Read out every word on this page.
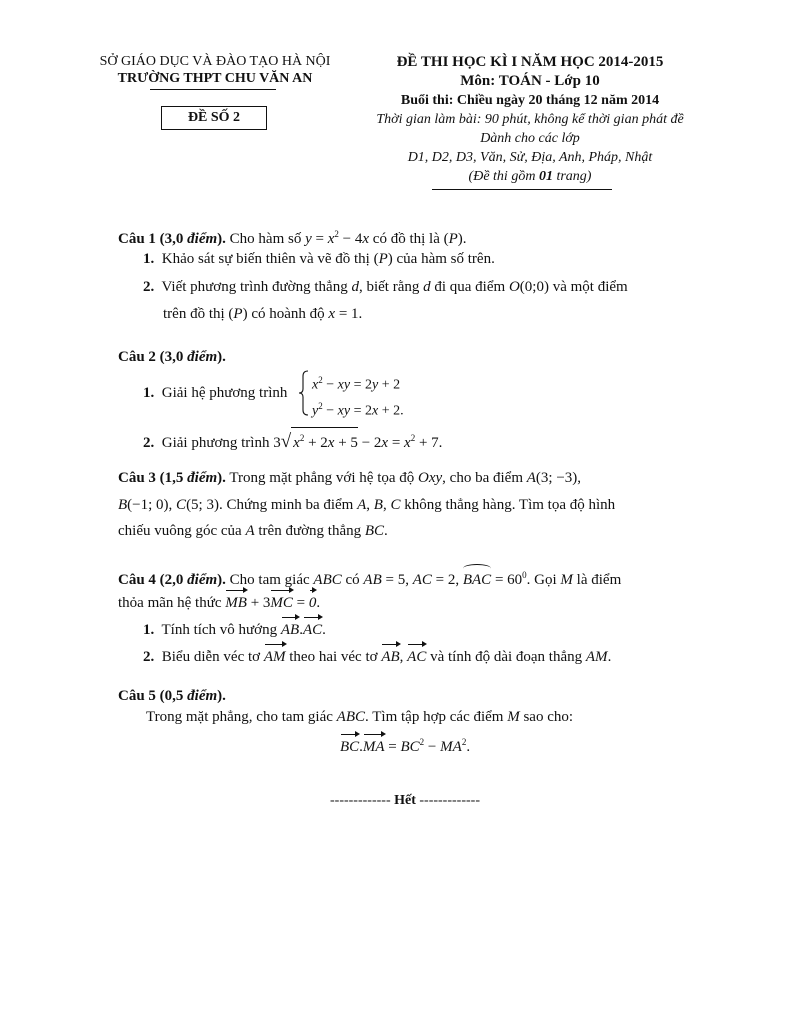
SỞ GIÁO DỤC VÀ ĐÀO TẠO HÀ NỘI
TRƯỜNG THPT CHU VĂN AN
ĐỀ SỐ 2
ĐỀ THI HỌC KÌ I NĂM HỌC 2014-2015
Môn: TOÁN - Lớp 10
Buổi thi: Chiều ngày 20 tháng 12 năm 2014
Thời gian làm bài: 90 phút, không kể thời gian phát đề
Dành cho các lớp
D1, D2, D3, Văn, Sử, Địa, Anh, Pháp, Nhật
(Đề thi gồm 01 trang)
Câu 1 (3,0 điểm). Cho hàm số $y = x^2 - 4x$ có đồ thị là (P).
1. Khảo sát sự biến thiên và vẽ đồ thị (P) của hàm số trên.
2. Viết phương trình đường thẳng d, biết rằng d đi qua điểm O(0;0) và một điểm
trên đồ thị (P) có hoành độ x = 1.
Câu 2 (3,0 điểm).
1. Giải hệ phương trình $x^2$ − xy = 2y + 2
$y^2$ − xy = 2x + 2.
2. Giải phương trình 3√ $x^2 + 2x + 5 - 2x = x^2 + 7$.
Câu 3 (1,5 điểm). Trong mặt phẳng với hệ tọa độ Oxy, cho ba điểm A(3; −3),
B(−1; 0), C(5; 3). Chứng minh ba điểm A, B, C không thẳng hàng. Tìm tọa độ hình
chiếu vuông góc của A trên đường thẳng BC.
Câu 4 (2,0 điểm). Cho tam giác ABC có AB = 5, AC = 2, BAC = $60^0$. Gọi M là điểm
thỏa mãn hệ thức MB + 3MC = 0.
1. Tính tích vô hướng AB.AC.
2. Biểu diễn véc tơ AM theo hai véc tơ AB, AC và tính độ dài đoạn thẳng AM.
Câu 5 (0,5 điểm).
Trong mặt phẳng, cho tam giác ABC. Tìm tập hợp các điểm M sao cho:
$BC.MA = BC^2 - MA^2$.
------------- Hết -------------
